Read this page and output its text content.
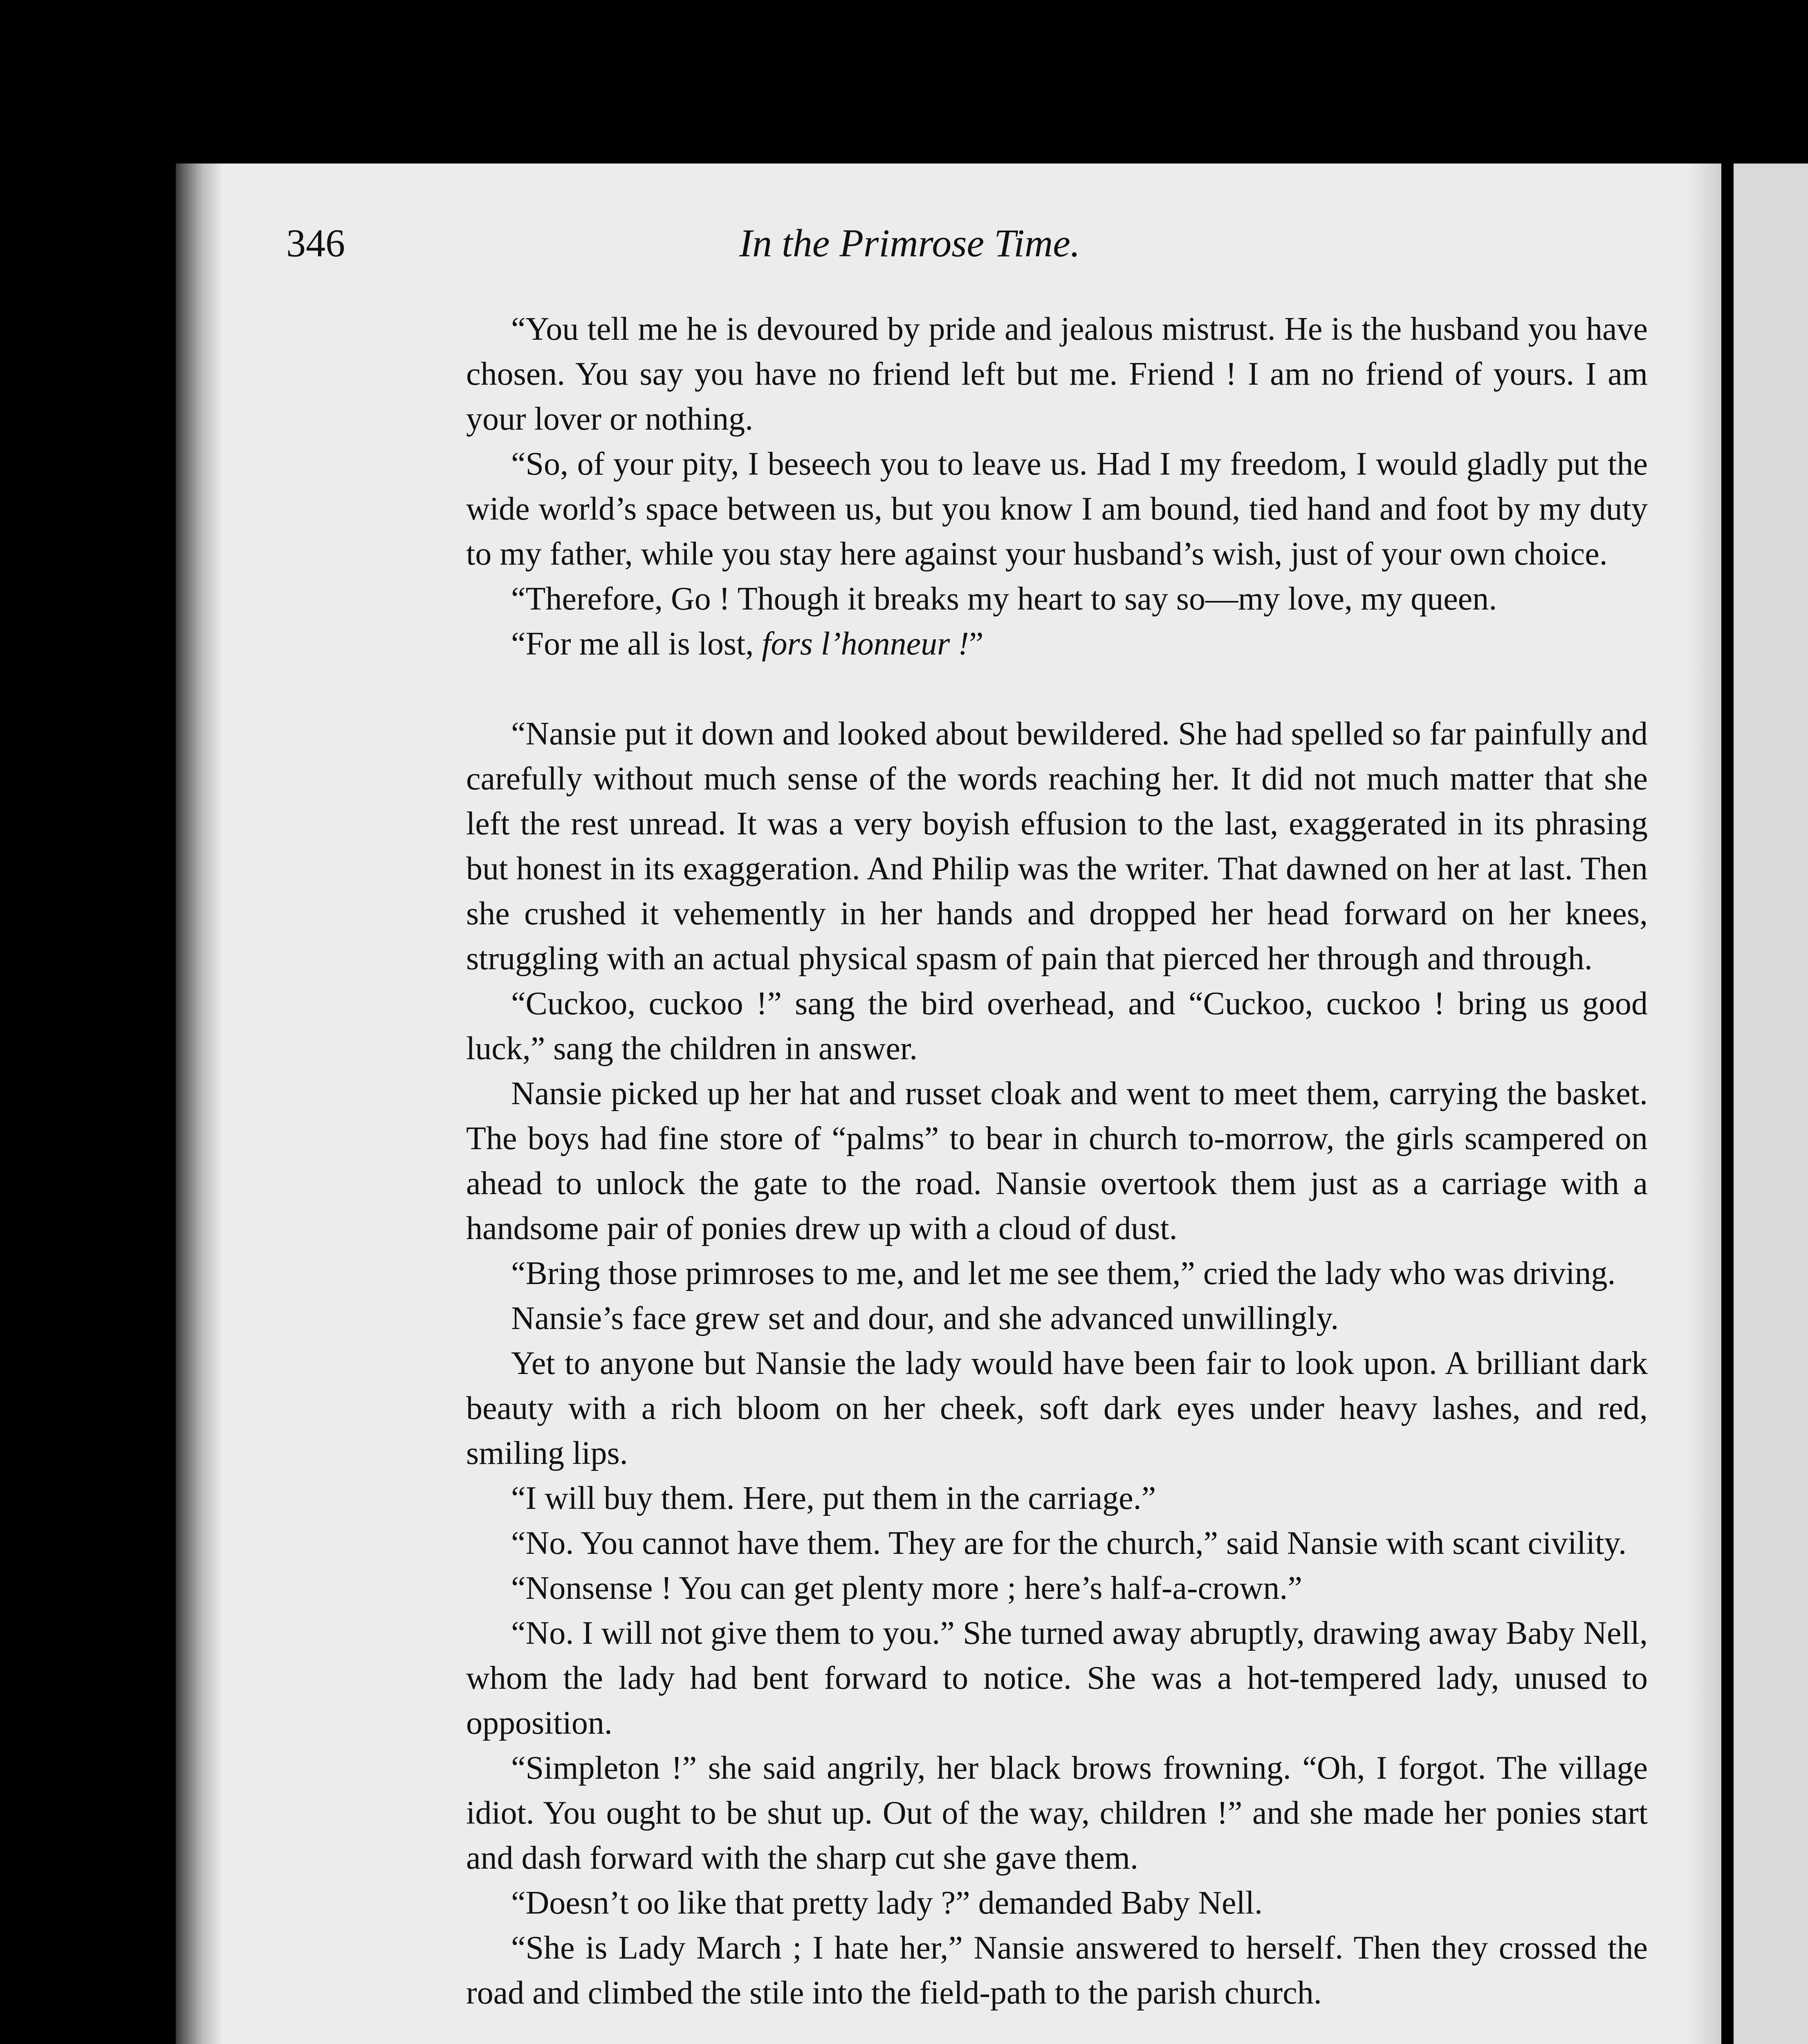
346	In the Primrose Time.

“You tell me he is devoured by pride and jealous mistrust. He is the husband you have chosen. You say you have no friend left but me. Friend ! I am no friend of yours. I am your lover or nothing.

“So, of your pity, I beseech you to leave us. Had I my freedom, I would gladly put the wide world’s space between us, but you know I am bound, tied hand and foot by my duty to my father, while you stay here against your husband’s wish, just of your own choice.

“Therefore, Go ! Though it breaks my heart to say so—my love, my queen.

“For me all is lost, fors l’honneur !”

“Nansie put it down and looked about bewildered. She had spelled so far painfully and carefully without much sense of the words reaching her. It did not much matter that she left the rest unread. It was a very boyish effusion to the last, exaggerated in its phrasing but honest in its exaggeration. And Philip was the writer. That dawned on her at last. Then she crushed it vehemently in her hands and dropped her head forward on her knees, struggling with an actual physical spasm of pain that pierced her through and through.

“Cuckoo, cuckoo !” sang the bird overhead, and “Cuckoo, cuckoo ! bring us good luck,” sang the children in answer.

Nansie picked up her hat and russet cloak and went to meet them, carrying the basket. The boys had fine store of “palms” to bear in church to-morrow, the girls scampered on ahead to unlock the gate to the road. Nansie overtook them just as a carriage with a handsome pair of ponies drew up with a cloud of dust.

“Bring those primroses to me, and let me see them,” cried the lady who was driving.

Nansie’s face grew set and dour, and she advanced unwillingly.

Yet to anyone but Nansie the lady would have been fair to look upon. A brilliant dark beauty with a rich bloom on her cheek, soft dark eyes under heavy lashes, and red, smiling lips.

“I will buy them. Here, put them in the carriage.”

“No. You cannot have them. They are for the church,” said Nansie with scant civility.

“Nonsense ! You can get plenty more ; here’s half-a-crown.”

“No. I will not give them to you.” She turned away abruptly, drawing away Baby Nell, whom the lady had bent forward to notice. She was a hot-tempered lady, unused to opposition.

“Simpleton !” she said angrily, her black brows frowning. “Oh, I forgot. The village idiot. You ought to be shut up. Out of the way, children !” and she made her ponies start and dash forward with the sharp cut she gave them.

“Doesn’t oo like that pretty lady ?” demanded Baby Nell.

“She is Lady March ; I hate her,” Nansie answered to herself. Then they crossed the road and climbed the stile into the field-path to the parish church.
